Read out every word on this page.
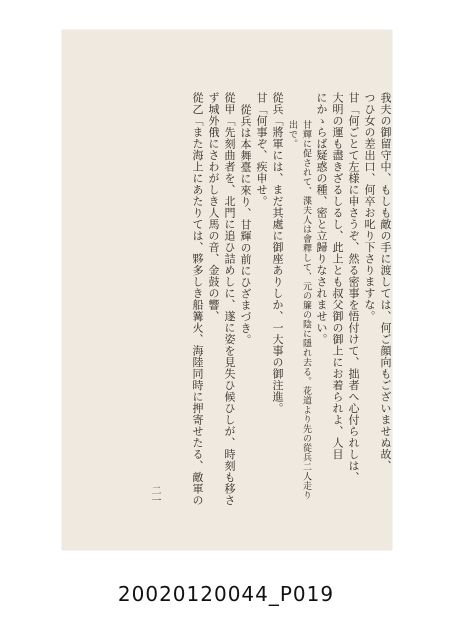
我夫の御留守中、もしも敵の手に渡しては、何ご顔向もございませぬ故、
つひ女の差出口、何卒お叱り下さりますな。
甘「何ごとて左様に申さうぞ、然る密事を悟付けて、拙者へ心付られしは、
大明の運も盡きざるしるし、此上とも叔父御の御上にお着られよ、人目
にかゝらば疑惑の種、密と立歸りなされませい。
甘輝に促されて、渫夫人は會釋して、元の簾の陰に隱れ去る。花道より先の從兵二人走り
出で。
從兵「將軍には、まだ其處に御座ありしか、一大事の御注進。
甘「何事ぞ、疾申せ。
從兵は本舞臺に來り、甘輝の前にひざまづき。
從甲「先刻曲者を、北門に追ひ詰めしに、遂に姿を見失ひ候ひしが、時刻も移さ
ず城外俄にさわがしき人馬の音、金鼓の響、
從乙「また海上にあたりては、夥多しき船篝火、海陸同時に押寄せたる、敵軍の
二一
20020120044_P019
